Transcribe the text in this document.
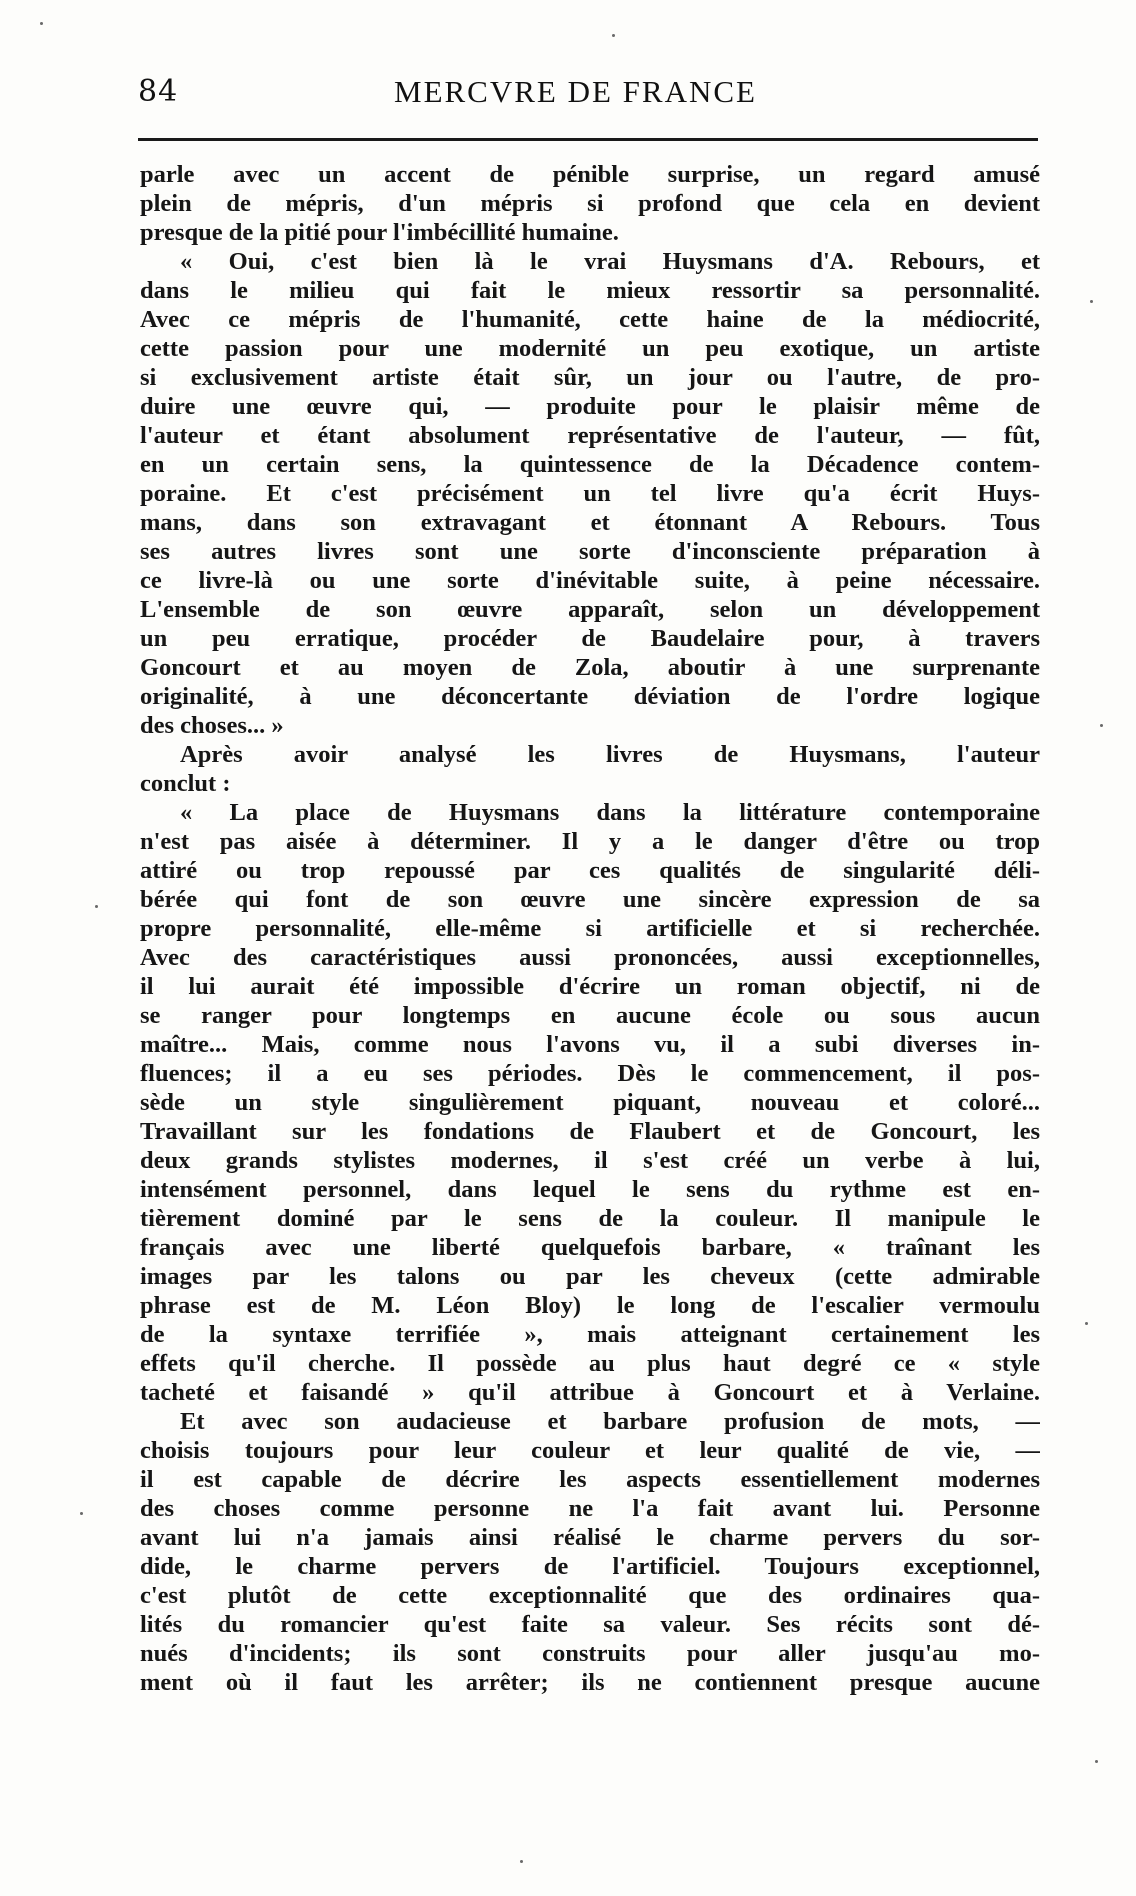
84	MERCVRE DE FRANCE
parle avec un accent de pénible surprise, un regard amusé
plein de mépris, d'un mépris si profond que cela en devient
presque de la pitié pour l'imbécillité humaine.
« Oui, c'est bien là le vrai Huysmans d'A. Rebours, et
dans le milieu qui fait le mieux ressortir sa personnalité.
Avec ce mépris de l'humanité, cette haine de la médiocrité,
cette passion pour une modernité un peu exotique, un artiste
si exclusivement artiste était sûr, un jour ou l'autre, de pro-
duire une œuvre qui, — produite pour le plaisir même de
l'auteur et étant absolument représentative de l'auteur, — fût,
en un certain sens, la quintessence de la Décadence contem-
poraine. Et c'est précisément un tel livre qu'a écrit Huys-
mans, dans son extravagant et étonnant A Rebours. Tous
ses autres livres sont une sorte d'inconsciente préparation à
ce livre-là ou une sorte d'inévitable suite, à peine nécessaire.
L'ensemble de son œuvre apparaît, selon un développement
un peu erratique, procéder de Baudelaire pour, à travers
Goncourt et au moyen de Zola, aboutir à une surprenante
originalité, à une déconcertante déviation de l'ordre logique
des choses... »
Après avoir analysé les livres de Huysmans, l'auteur
conclut :
« La place de Huysmans dans la littérature contemporaine
n'est pas aisée à déterminer. Il y a le danger d'être ou trop
attiré ou trop repoussé par ces qualités de singularité déli-
bérée qui font de son œuvre une sincère expression de sa
propre personnalité, elle-même si artificielle et si recherchée.
Avec des caractéristiques aussi prononcées, aussi exceptionnelles,
il lui aurait été impossible d'écrire un roman objectif, ni de
se ranger pour longtemps en aucune école ou sous aucun
maître... Mais, comme nous l'avons vu, il a subi diverses in-
fluences; il a eu ses périodes. Dès le commencement, il pos-
sède un style singulièrement piquant, nouveau et coloré...
Travaillant sur les fondations de Flaubert et de Goncourt, les
deux grands stylistes modernes, il s'est créé un verbe à lui,
intensément personnel, dans lequel le sens du rythme est en-
tièrement dominé par le sens de la couleur. Il manipule le
français avec une liberté quelquefois barbare, « traînant les
images par les talons ou par les cheveux (cette admirable
phrase est de M. Léon Bloy) le long de l'escalier vermoulu
de la syntaxe terrifiée », mais atteignant certainement les
effets qu'il cherche. Il possède au plus haut degré ce « style
tacheté et faisandé » qu'il attribue à Goncourt et à Verlaine.
Et avec son audacieuse et barbare profusion de mots, —
choisis toujours pour leur couleur et leur qualité de vie, —
il est capable de décrire les aspects essentiellement modernes
des choses comme personne ne l'a fait avant lui. Personne
avant lui n'a jamais ainsi réalisé le charme pervers du sor-
dide, le charme pervers de l'artificiel. Toujours exceptionnel,
c'est plutôt de cette exceptionnalité que des ordinaires qua-
lités du romancier qu'est faite sa valeur. Ses récits sont dé-
nués d'incidents; ils sont construits pour aller jusqu'au mo-
ment où il faut les arrêter; ils ne contiennent presque aucune
